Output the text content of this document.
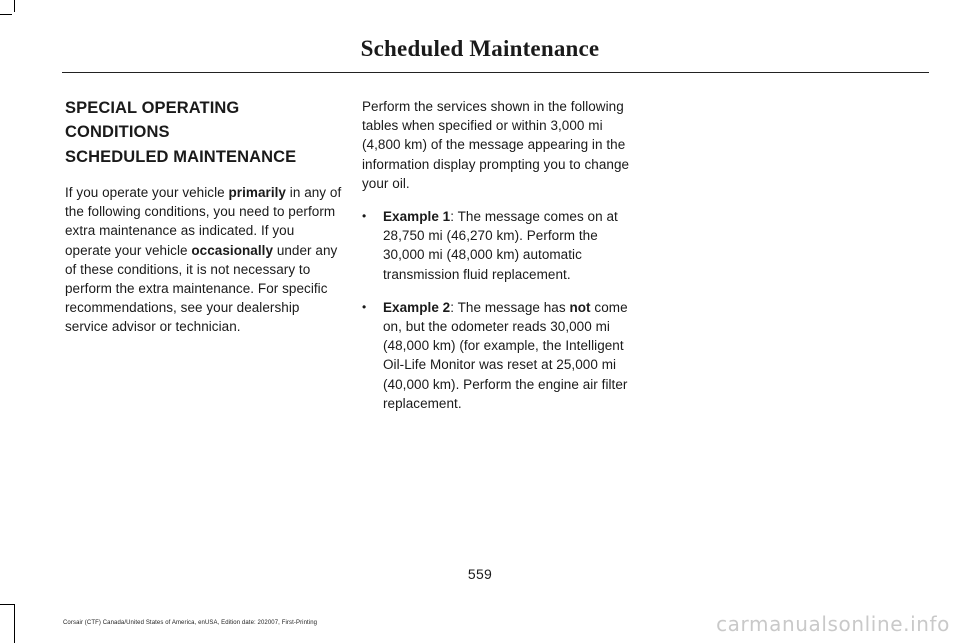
Scheduled Maintenance
SPECIAL OPERATING CONDITIONS
SCHEDULED MAINTENANCE

If you operate your vehicle primarily in any of the following conditions, you need to perform extra maintenance as indicated. If you operate your vehicle occasionally under any of these conditions, it is not necessary to perform the extra maintenance. For specific recommendations, see your dealership service advisor or technician.

Perform the services shown in the following tables when specified or within 3,000 mi (4,800 km) of the message appearing in the information display prompting you to change your oil.

• Example 1: The message comes on at 28,750 mi (46,270 km). Perform the 30,000 mi (48,000 km) automatic transmission fluid replacement.
• Example 2: The message has not come on, but the odometer reads 30,000 mi (48,000 km) (for example, the Intelligent Oil-Life Monitor was reset at 25,000 mi (40,000 km). Perform the engine air filter replacement.
559
Corsair (CTF) Canada/United States of America, enUSA, Edition date: 202007, First-Printing	carmanualsonline.info
